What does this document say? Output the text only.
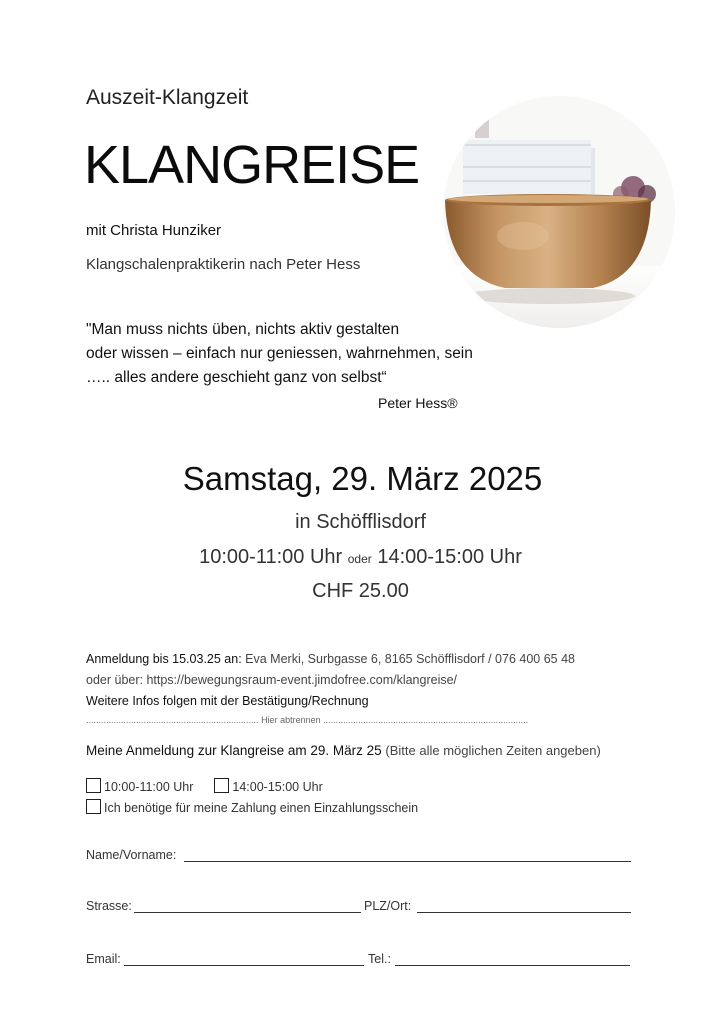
Auszeit-Klangzeit
KLANGREISE
mit Christa Hunziker
Klangschalenpraktikerin nach Peter Hess
"Man muss nichts üben, nichts aktiv gestalten
oder wissen – einfach nur geniessen, wahrnehmen, sein
….. alles andere geschieht ganz von selbst“
Peter Hess®
Samstag, 29. März 2025
in Schöfflisdorf
10:00-11:00 Uhr oder 14:00-15:00 Uhr
CHF 25.00
Anmeldung bis 15.03.25 an: Eva Merki, Surbgasse 6, 8165 Schöfflisdorf / 076 400 65 48
oder über: https://bewegungsraum-event.jimdofree.com/klangreise/
Weitere Infos folgen mit der Bestätigung/Rechnung
..................................................................... Hier abtrennen ..................................................................................
Meine Anmeldung zur Klangreise am 29. März 25 (Bitte alle möglichen Zeiten angeben)
10:00-11:00 Uhr	14:00-15:00 Uhr
Ich benötige für meine Zahlung einen Einzahlungsschein
Name/Vorname:
Strasse:	PLZ/Ort:
Email:	Tel.:
